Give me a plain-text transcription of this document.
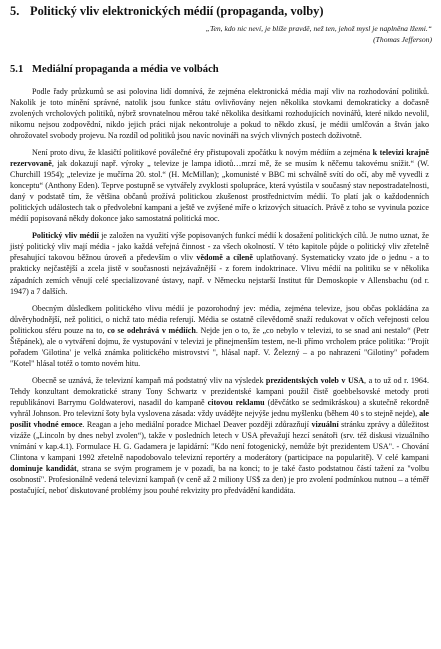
5. Politický vliv elektronických médií (propaganda, volby)
„Ten, kdo nic neví, je blíže pravdě, než ten, jehož mysl je naplněna lžemi.“
(Thomas Jefferson)
5.1 Mediální propaganda a média ve volbách

Podle řady průzkumů se asi polovina lidí domnívá, že zejména elektronická média mají vliv na rozhodování politiků. Nakolik je toto mínění správné, natolik jsou funkce státu ovlivňovány nejen několika stovkami demokraticky a dočasně zvolených vrcholových politiků, nýbrž srovnatelnou měrou také několika desítkami rozhodujících novinářů, které nikdo nevolil, nikomu nejsou zodpovědní, nikdo jejich práci nijak nekontroluje a pokud to někdo zkusí, je médii umlčován a štván jako ohrožovatel svobody projevu. Na rozdíl od politiků jsou navíc novináři na svých vlivných postech doživotně.

Není proto divu, že klasičtí politikové poválečné éry přistupovali zpočátku k novým médiím a zejména k televizi krajně rezervovaně, jak dokazují např. výroky „ televize je lampa idiotů…mrzí mě, že se musím k něčemu takovému snížit.“ (W. Churchill 1954); „televize je mučírna 20. stol.“ (H. McMillan); „komunisté v BBC mi schválně svítí do očí, aby mě vyvedli z konceptu“ (Anthony Eden). Teprve postupně se vytvářely zvyklosti spolupráce, která vyústila v současný stav nepostradatelnosti, daný v podstatě tím, že většina občanů prožívá politickou zkušenost prostřednictvím médií. To platí jak o každodenních politických událostech tak o předvolební kampani a ještě ve zvýšené míře o krizových situacích. Právě z toho se vyvinula pozice médií popisovaná někdy dokonce jako samostatná politická moc.

Politický vliv médií je založen na využití výše popisovaných funkcí médií k dosažení politických cílů. Je nutno uznat, že jistý politický vliv mají média - jako každá veřejná činnost - za všech okolností. V této kapitole půjde o politický vliv zřetelně přesahující takovou běžnou úroveň a především o vliv vědomě a cíleně uplatňovaný. Systematicky vzato jde o jednu - a to prakticky nejčastější a zcela jistě v současnosti nejzávažnější - z forem indoktrinace. Vlivu médií na politiku se v několika západních zemích věnují celé specializované ústavy, např. v Německu nejstarší Institut für Demoskopie v Allensbachu (od r. 1947) a 7 dalších.

Obecným důsledkem politického vlivu médií je pozorohodný jev: média, zejména televize, jsou občas pokládána za důvěryhodnější, než politici, o nichž tato média referují. Média se ostatně cílevědomě snaží redukovat v očích veřejnosti celou politickou sféru pouze na to, co se odehrává v médiích. Nejde jen o to, že „co nebylo v televizi, to se snad ani nestalo“ (Petr Štěpánek), ale o vytváření dojmu, že vystupování v televizi je přinejmenším testem, ne-li přímo vrcholem práce politika: "Projít pořadem 'Gilotina' je velká známka politického mistrovství ", hlásal např. V. Železný – a po nahrazení "Gilotiny" pořadem "Kotel" hlásal totéž o tomto novém hitu.

Obecně se uznává, že televizní kampaň má podstatný vliv na výsledek prezidentských voleb v USA, a to už od r. 1964. Tehdy konzultant demokratické strany Tony Schwartz v prezidentské kampani použil čistě goebbelsovské metody proti republikánovi Barrymu Goldwaterovi, nasadil do kampaně citovou reklamu (děvčátko se sedmikráskou) a skutečně rekordně vyhrál Johnson. Pro televizní šoty byla vyslovena zásada: vždy uvádějte nejvýše jednu myšlenku (během 40 s to stejně nejde), ale posílit vhodné emoce. Reagan a jeho mediální poradce Michael Deaver později zdůrazňují vizuální stránku zprávy a důležitost vizáže („Lincoln by dnes nebyl zvolen“), takže v posledních letech v USA převažují hezcí senátoři (srv. též diskusi vizuálního vnímání v kap.4.1). Formulace H. G. Gadamera je lapidární: "Kdo není fotogenický, nemůže být prezidentem USA". - Chování Clintona v kampani 1992 zřetelně napodobovalo televizní reportéry a moderátory (participace na popularitě). V celé kampani dominuje kandidát, strana se svým programem je v pozadí, ba na konci; to je také často podstatnou částí tažení za "volbu osobností". Profesionálně vedená televizní kampaň (v ceně až 2 miliony US$ za den) je pro zvolení podmínkou nutnou – a téměř postačující, neboť diskutované problémy jsou pouhé rekvizity pro předvádění kandidáta.
